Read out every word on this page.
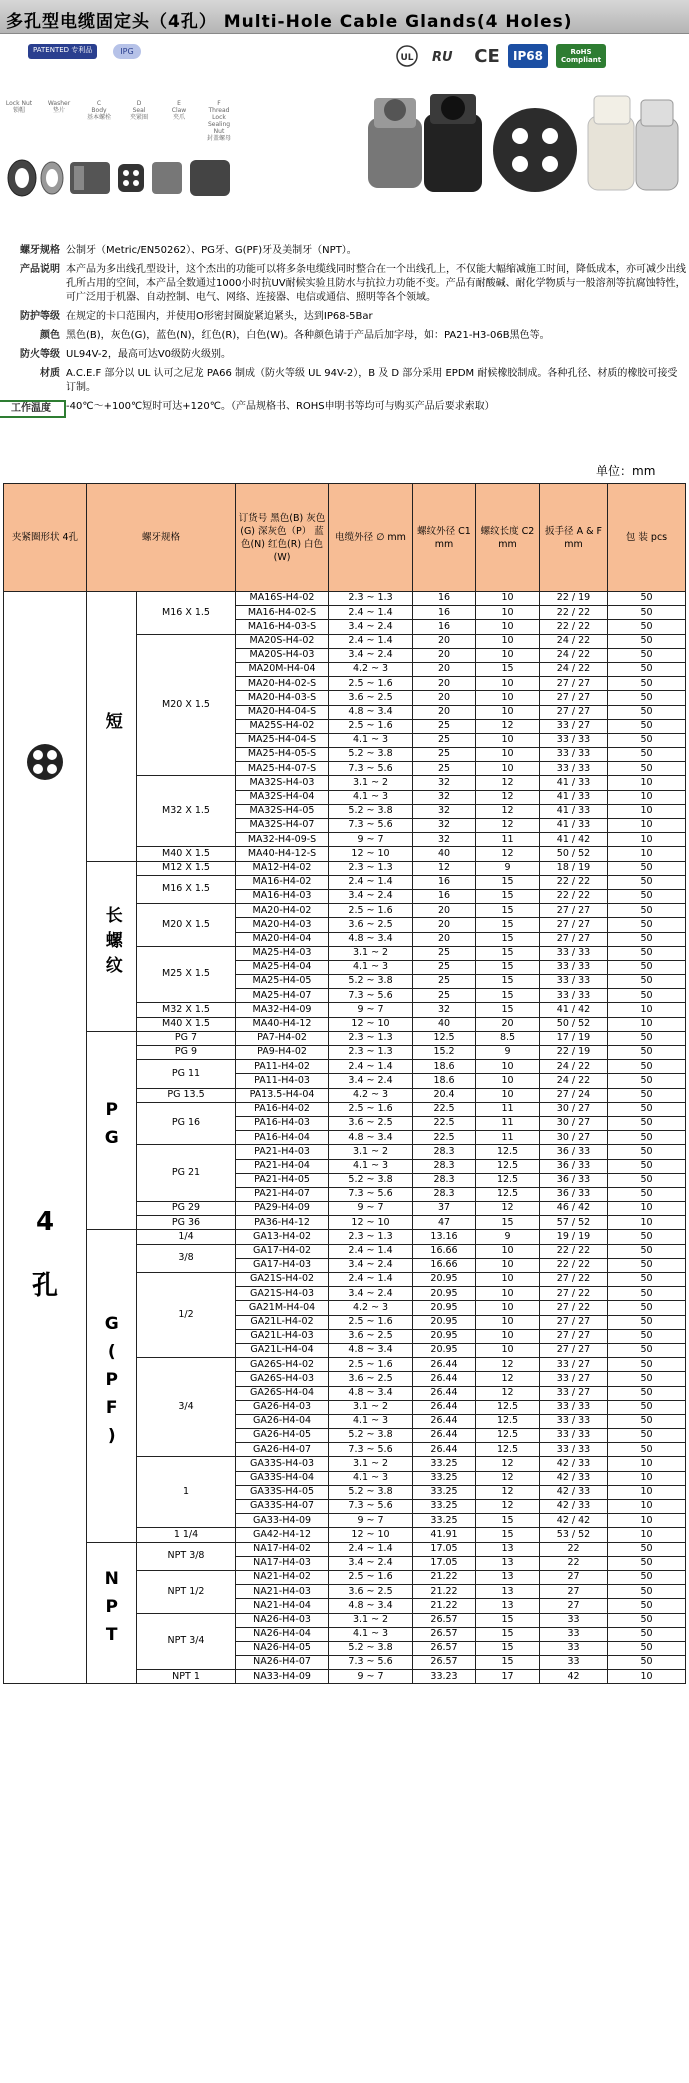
多孔型电缆固定头（4孔） Multi-Hole Cable Glands(4 Holes)
PATENTED 专利品	IPG
UL RU CE	IP68	RoHS Compliant
Lock Nut
锁帽
Washer
垫片
C
Body
基本螺栓
D
Seal
夹紧圈
E
Claw
夹爪
F
Thread Lock Sealing Nut
封盖螺母
螺牙规格 公制牙（Metric/EN50262）、PG牙、G(PF)牙及美制牙（NPT）。
产品说明 本产品为多出线孔型设计，这个杰出的功能可以将多条电缆线同时整合在一个出线孔上，不仅能大幅缩减施工时间，降低成本，亦可减少出线孔所占用的空间，本产品全数通过1000小时抗UV耐候实验且防水与抗拉力功能不变。产品有耐酸碱、耐化学物质与一般溶剂等抗腐蚀特性，可广泛用于机器、自动控制、电气、网络、连接器、电信或通信、照明等各个领域。
防护等级 在规定的卡口范围内，并使用O形密封圈旋紧迫紧头，达到IP68-5Bar
颜色 黑色(B)，灰色(G)，蓝色(N)，红色(R)，白色(W)。各种颜色请于产品后加字母，如：PA21-H3-06B黑色等。
防火等级 UL94V-2，最高可达V0级防火级别。
材质 A.C.E.F 部分以 UL 认可之尼龙 PA66 制成（防火等级 UL 94V-2），B 及 D 部分采用 EPDM 耐候橡胶制成。各种孔径、材质的橡胶可接受订制。
工作温度	-40℃～+100℃短时可达+120℃。（产品规格书、ROHS申明书等均可与购买产品后要求索取）
单位：mm
夹紧圈形状 4孔	螺牙规格		订货号 黑色(B) 灰色(G) 深灰色（P） 蓝色(N) 红色(R) 白色(W)	电缆外径 ∅ mm	螺纹外径 C1 mm	螺纹长度 C2 mm	扳手径 A & F mm	包 装 pcs

4

孔	短	M16 X 1.5	MA16S-H4-02	2.3 ~ 1.3	16	10	22 / 19	50
			MA16-H4-02-S	2.4 ~ 1.4	16	10	22 / 22	50
			MA16-H4-03-S	3.4 ~ 2.4	16	10	22 / 22	50
		M20 X 1.5	MA20S-H4-02	2.4 ~ 1.4	20	10	24 / 22	50
			MA20S-H4-03	3.4 ~ 2.4	20	10	24 / 22	50
			MA20M-H4-04	4.2 ~ 3	20	15	24 / 22	50
			MA20-H4-02-S	2.5 ~ 1.6	20	10	27 / 27	50
			MA20-H4-03-S	3.6 ~ 2.5	20	10	27 / 27	50
			MA20-H4-04-S	4.8 ~ 3.4	20	10	27 / 27	50
			MA25S-H4-02	2.5 ~ 1.6	25	12	33 / 27	50
			MA25-H4-04-S	4.1 ~ 3	25	10	33 / 33	50
			MA25-H4-05-S	5.2 ~ 3.8	25	10	33 / 33	50
			MA25-H4-07-S	7.3 ~ 5.6	25	10	33 / 33	50
		M32 X 1.5	MA32S-H4-03	3.1 ~ 2	32	12	41 / 33	10
			MA32S-H4-04	4.1 ~ 3	32	12	41 / 33	10
			MA32S-H4-05	5.2 ~ 3.8	32	12	41 / 33	10
			MA32S-H4-07	7.3 ~ 5.6	32	12	41 / 33	10
			MA32-H4-09-S	9 ~ 7	32	11	41 / 42	10
		M40 X 1.5	MA40-H4-12-S	12 ~ 10	40	12	50 / 52	10
	长螺纹	M12 X 1.5	MA12-H4-02	2.3 ~ 1.3	12	9	18 / 19	50
		M16 X 1.5	MA16-H4-02	2.4 ~ 1.4	16	15	22 / 22	50
			MA16-H4-03	3.4 ~ 2.4	16	15	22 / 22	50
		M20 X 1.5	MA20-H4-02	2.5 ~ 1.6	20	15	27 / 27	50
			MA20-H4-03	3.6 ~ 2.5	20	15	27 / 27	50
			MA20-H4-04	4.8 ~ 3.4	20	15	27 / 27	50
		M25 X 1.5	MA25-H4-03	3.1 ~ 2	25	15	33 / 33	50
			MA25-H4-04	4.1 ~ 3	25	15	33 / 33	50
			MA25-H4-05	5.2 ~ 3.8	25	15	33 / 33	50
			MA25-H4-07	7.3 ~ 5.6	25	15	33 / 33	50
		M32 X 1.5	MA32-H4-09	9 ~ 7	32	15	41 / 42	10
		M40 X 1.5	MA40-H4-12	12 ~ 10	40	20	50 / 52	10
	PG	PG 7	PA7-H4-02	2.3 ~ 1.3	12.5	8.5	17 / 19	50
		PG 9	PA9-H4-02	2.3 ~ 1.3	15.2	9	22 / 19	50
		PG 11	PA11-H4-02	2.4 ~ 1.4	18.6	10	24 / 22	50
			PA11-H4-03	3.4 ~ 2.4	18.6	10	24 / 22	50
		PG 13.5	PA13.5-H4-04	4.2 ~ 3	20.4	10	27 / 24	50
		PG 16	PA16-H4-02	2.5 ~ 1.6	22.5	11	30 / 27	50
			PA16-H4-03	3.6 ~ 2.5	22.5	11	30 / 27	50
			PA16-H4-04	4.8 ~ 3.4	22.5	11	30 / 27	50
		PG 21	PA21-H4-03	3.1 ~ 2	28.3	12.5	36 / 33	50
			PA21-H4-04	4.1 ~ 3	28.3	12.5	36 / 33	50
			PA21-H4-05	5.2 ~ 3.8	28.3	12.5	36 / 33	50
			PA21-H4-07	7.3 ~ 5.6	28.3	12.5	36 / 33	50
		PG 29	PA29-H4-09	9 ~ 7	37	12	46 / 42	10
		PG 36	PA36-H4-12	12 ~ 10	47	15	57 / 52	10
	G(PF)	1/4	GA13-H4-02	2.3 ~ 1.3	13.16	9	19 / 19	50
		3/8	GA17-H4-02	2.4 ~ 1.4	16.66	10	22 / 22	50
			GA17-H4-03	3.4 ~ 2.4	16.66	10	22 / 22	50
		1/2	GA21S-H4-02	2.4 ~ 1.4	20.95	10	27 / 22	50
			GA21S-H4-03	3.4 ~ 2.4	20.95	10	27 / 22	50
			GA21M-H4-04	4.2 ~ 3	20.95	10	27 / 22	50
			GA21L-H4-02	2.5 ~ 1.6	20.95	10	27 / 27	50
			GA21L-H4-03	3.6 ~ 2.5	20.95	10	27 / 27	50
			GA21L-H4-04	4.8 ~ 3.4	20.95	10	27 / 27	50
		3/4	GA26S-H4-02	2.5 ~ 1.6	26.44	12	33 / 27	50
			GA26S-H4-03	3.6 ~ 2.5	26.44	12	33 / 27	50
			GA26S-H4-04	4.8 ~ 3.4	26.44	12	33 / 27	50
			GA26-H4-03	3.1 ~ 2	26.44	12.5	33 / 33	50
			GA26-H4-04	4.1 ~ 3	26.44	12.5	33 / 33	50
			GA26-H4-05	5.2 ~ 3.8	26.44	12.5	33 / 33	50
			GA26-H4-07	7.3 ~ 5.6	26.44	12.5	33 / 33	50
		1	GA33S-H4-03	3.1 ~ 2	33.25	12	42 / 33	10
			GA33S-H4-04	4.1 ~ 3	33.25	12	42 / 33	10
			GA33S-H4-05	5.2 ~ 3.8	33.25	12	42 / 33	10
			GA33S-H4-07	7.3 ~ 5.6	33.25	12	42 / 33	10
			GA33-H4-09	9 ~ 7	33.25	15	42 / 42	10
		1 1/4	GA42-H4-12	12 ~ 10	41.91	15	53 / 52	10
	NPT	NPT 3/8	NA17-H4-02	2.4 ~ 1.4	17.05	13	22	50
			NA17-H4-03	3.4 ~ 2.4	17.05	13	22	50
		NPT 1/2	NA21-H4-02	2.5 ~ 1.6	21.22	13	27	50
			NA21-H4-03	3.6 ~ 2.5	21.22	13	27	50
			NA21-H4-04	4.8 ~ 3.4	21.22	13	27	50
		NPT 3/4	NA26-H4-03	3.1 ~ 2	26.57	15	33	50
			NA26-H4-04	4.1 ~ 3	26.57	15	33	50
			NA26-H4-05	5.2 ~ 3.8	26.57	15	33	50
			NA26-H4-07	7.3 ~ 5.6	26.57	15	33	50
		NPT 1	NA33-H4-09	9 ~ 7	33.23	17	42	10
